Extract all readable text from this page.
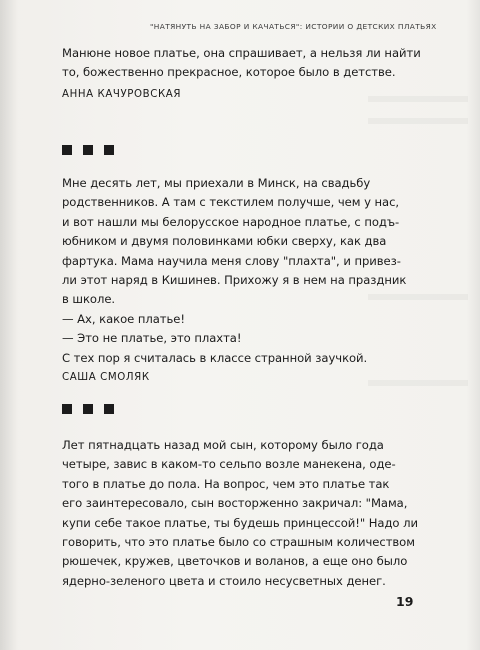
"НАТЯНУТЬ НА ЗАБОР И КАЧАТЬСЯ": ИСТОРИИ О ДЕТСКИХ ПЛАТЬЯХ

Манюне новое платье, она спрашивает, а нельзя ли найти

то, божественно прекрасное, которое было в детстве.

АННА КАЧУРОВСКАЯ

Мне десять лет, мы приехали в Минск, на свадьбу

родственников. А там с текстилем получше, чем у нас,

и вот нашли мы белорусское народное платье, с подъ-

юбником и двумя половинками юбки сверху, как два

фартука. Мама научила меня слову "плахта", и привез-

ли этот наряд в Кишинев. Прихожу я в нем на праздник

в школе.

— Ах, какое платье!

— Это не платье, это плахта!

С тех пор я считалась в классе странной заучкой.

САША СМОЛЯК

Лет пятнадцать назад мой сын, которому было года

четыре, завис в каком-то сельпо возле манекена, оде-

того в платье до пола. На вопрос, чем это платье так

его заинтересовало, сын восторженно закричал: "Мама,

купи себе такое платье, ты будешь принцессой!" Надо ли

говорить, что это платье было со страшным количеством

рюшечек, кружев, цветочков и воланов, а еще оно было

ядерно-зеленого цвета и стоило несусветных денег.

19
